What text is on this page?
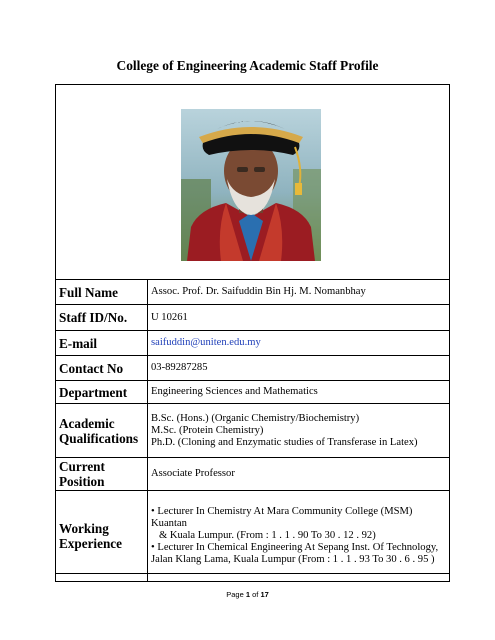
College of Engineering Academic Staff Profile
Full Name	Assoc. Prof. Dr. Saifuddin Bin Hj. M. Nomanbhay
Staff ID/No.	U 10261
E-mail	saifuddin@uniten.edu.my
Contact No	03-89287285
Department	Engineering Sciences and Mathematics

Academic
Qualifications	B.Sc. (Hons.) (Organic Chemistry/Biochemistry)
M.Sc. (Protein Chemistry)
Ph.D. (Cloning and Enzymatic studies of Transferase in Latex)

Current
Position	Associate Professor

Working
Experience	• Lecturer In Chemistry At Mara Community College (MSM) Kuantan
& Kuala Lumpur. (From : 1 . 1 . 90 To 30 . 12 . 92)
• Lecturer In Chemical Engineering At Sepang Inst. Of Technology,
Jalan Klang Lama, Kuala Lumpur (From : 1 . 1 . 93 To 30 . 6 . 95 )
Page 1 of 17
